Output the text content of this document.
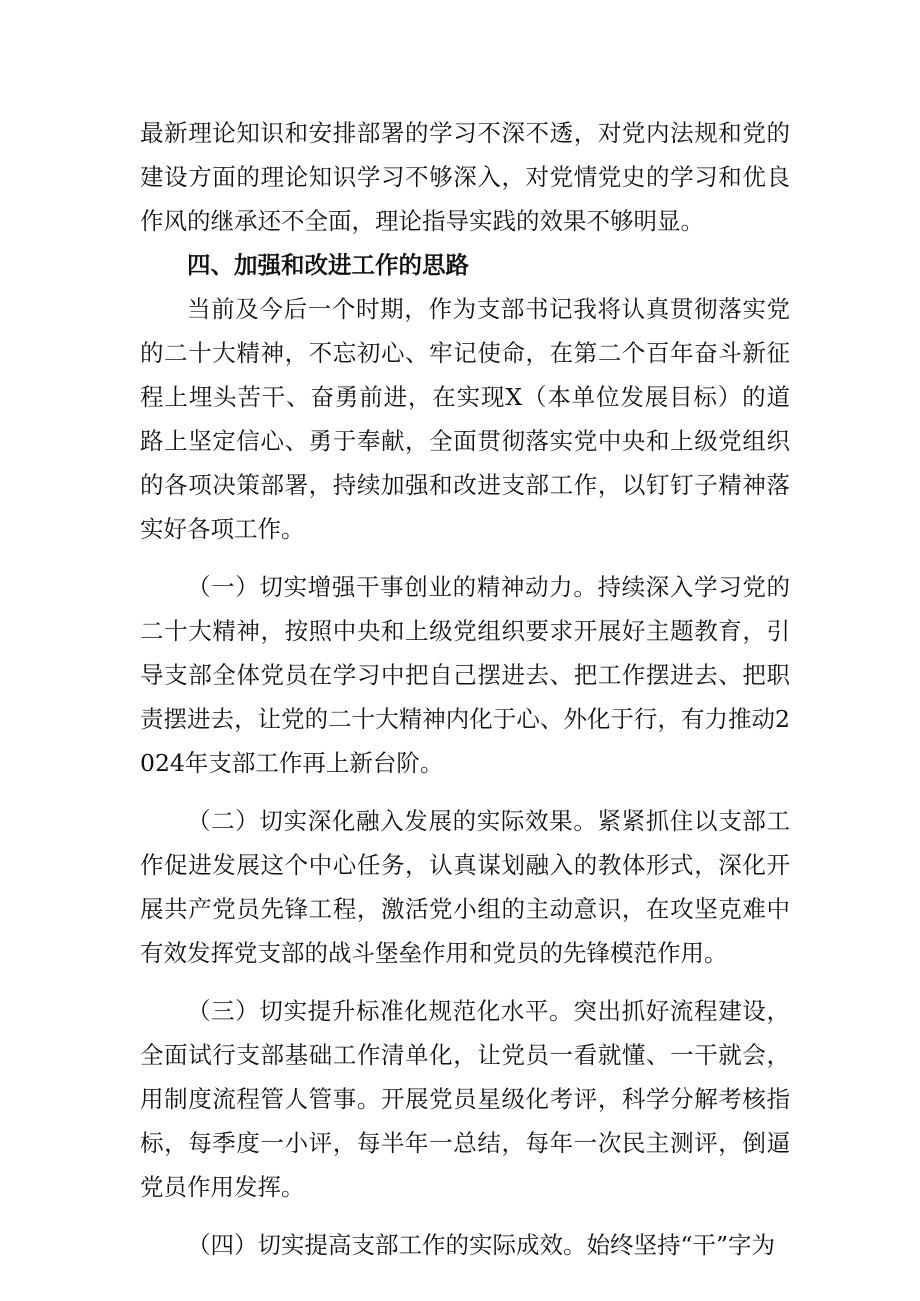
最新理论知识和安排部署的学习不深不透，对党内法规和党的建设方面的理论知识学习不够深入，对党情党史的学习和优良作风的继承还不全面，理论指导实践的效果不够明显。

四、加强和改进工作的思路

当前及今后一个时期，作为支部书记我将认真贯彻落实党的二十大精神，不忘初心、牢记使命，在第二个百年奋斗新征程上埋头苦干、奋勇前进，在实现X（本单位发展目标）的道路上坚定信心、勇于奉献，全面贯彻落实党中央和上级党组织的各项决策部署，持续加强和改进支部工作，以钉钉子精神落实好各项工作。

（一）切实增强干事创业的精神动力。持续深入学习党的二十大精神，按照中央和上级党组织要求开展好主题教育，引导支部全体党员在学习中把自己摆进去、把工作摆进去、把职责摆进去，让党的二十大精神内化于心、外化于行，有力推动2024年支部工作再上新台阶。

（二）切实深化融入发展的实际效果。紧紧抓住以支部工作促进发展这个中心任务，认真谋划融入的教体形式，深化开展共产党员先锋工程，激活党小组的主动意识，在攻坚克难中有效发挥党支部的战斗堡垒作用和党员的先锋模范作用。

（三）切实提升标准化规范化水平。突出抓好流程建设，全面试行支部基础工作清单化，让党员一看就懂、一干就会，用制度流程管人管事。开展党员星级化考评，科学分解考核指标，每季度一小评，每半年一总结，每年一次民主测评，倒逼党员作用发挥。

（四）切实提高支部工作的实际成效。始终坚持“干”字为
